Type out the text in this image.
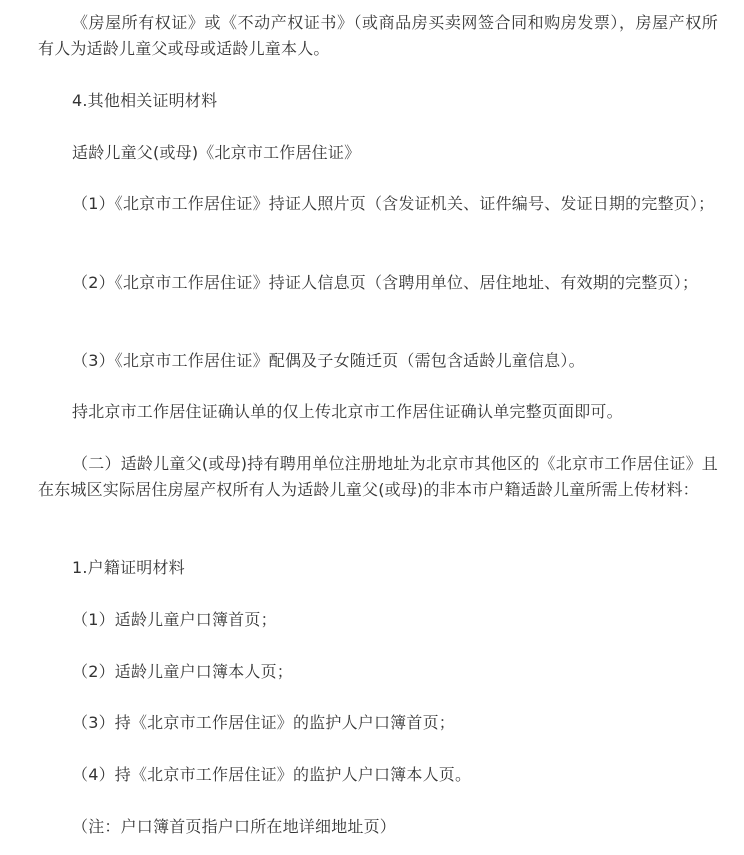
《房屋所有权证》或《不动产权证书》（或商品房买卖网签合同和购房发票），房屋产权所有人为适龄儿童父或母或适龄儿童本人。

4.其他相关证明材料

适龄儿童父(或母)《北京市工作居住证》

（1）《北京市工作居住证》持证人照片页（含发证机关、证件编号、发证日期的完整页）；

（2）《北京市工作居住证》持证人信息页（含聘用单位、居住地址、有效期的完整页）；

（3）《北京市工作居住证》配偶及子女随迁页（需包含适龄儿童信息）。

持北京市工作居住证确认单的仅上传北京市工作居住证确认单完整页面即可。

（二）适龄儿童父(或母)持有聘用单位注册地址为北京市其他区的《北京市工作居住证》且在东城区实际居住房屋产权所有人为适龄儿童父(或母)的非本市户籍适龄儿童所需上传材料：

1.户籍证明材料

（1）适龄儿童户口簿首页；

（2）适龄儿童户口簿本人页；

（3）持《北京市工作居住证》的监护人户口簿首页；

（4）持《北京市工作居住证》的监护人户口簿本人页。

（注：户口簿首页指户口所在地详细地址页）
